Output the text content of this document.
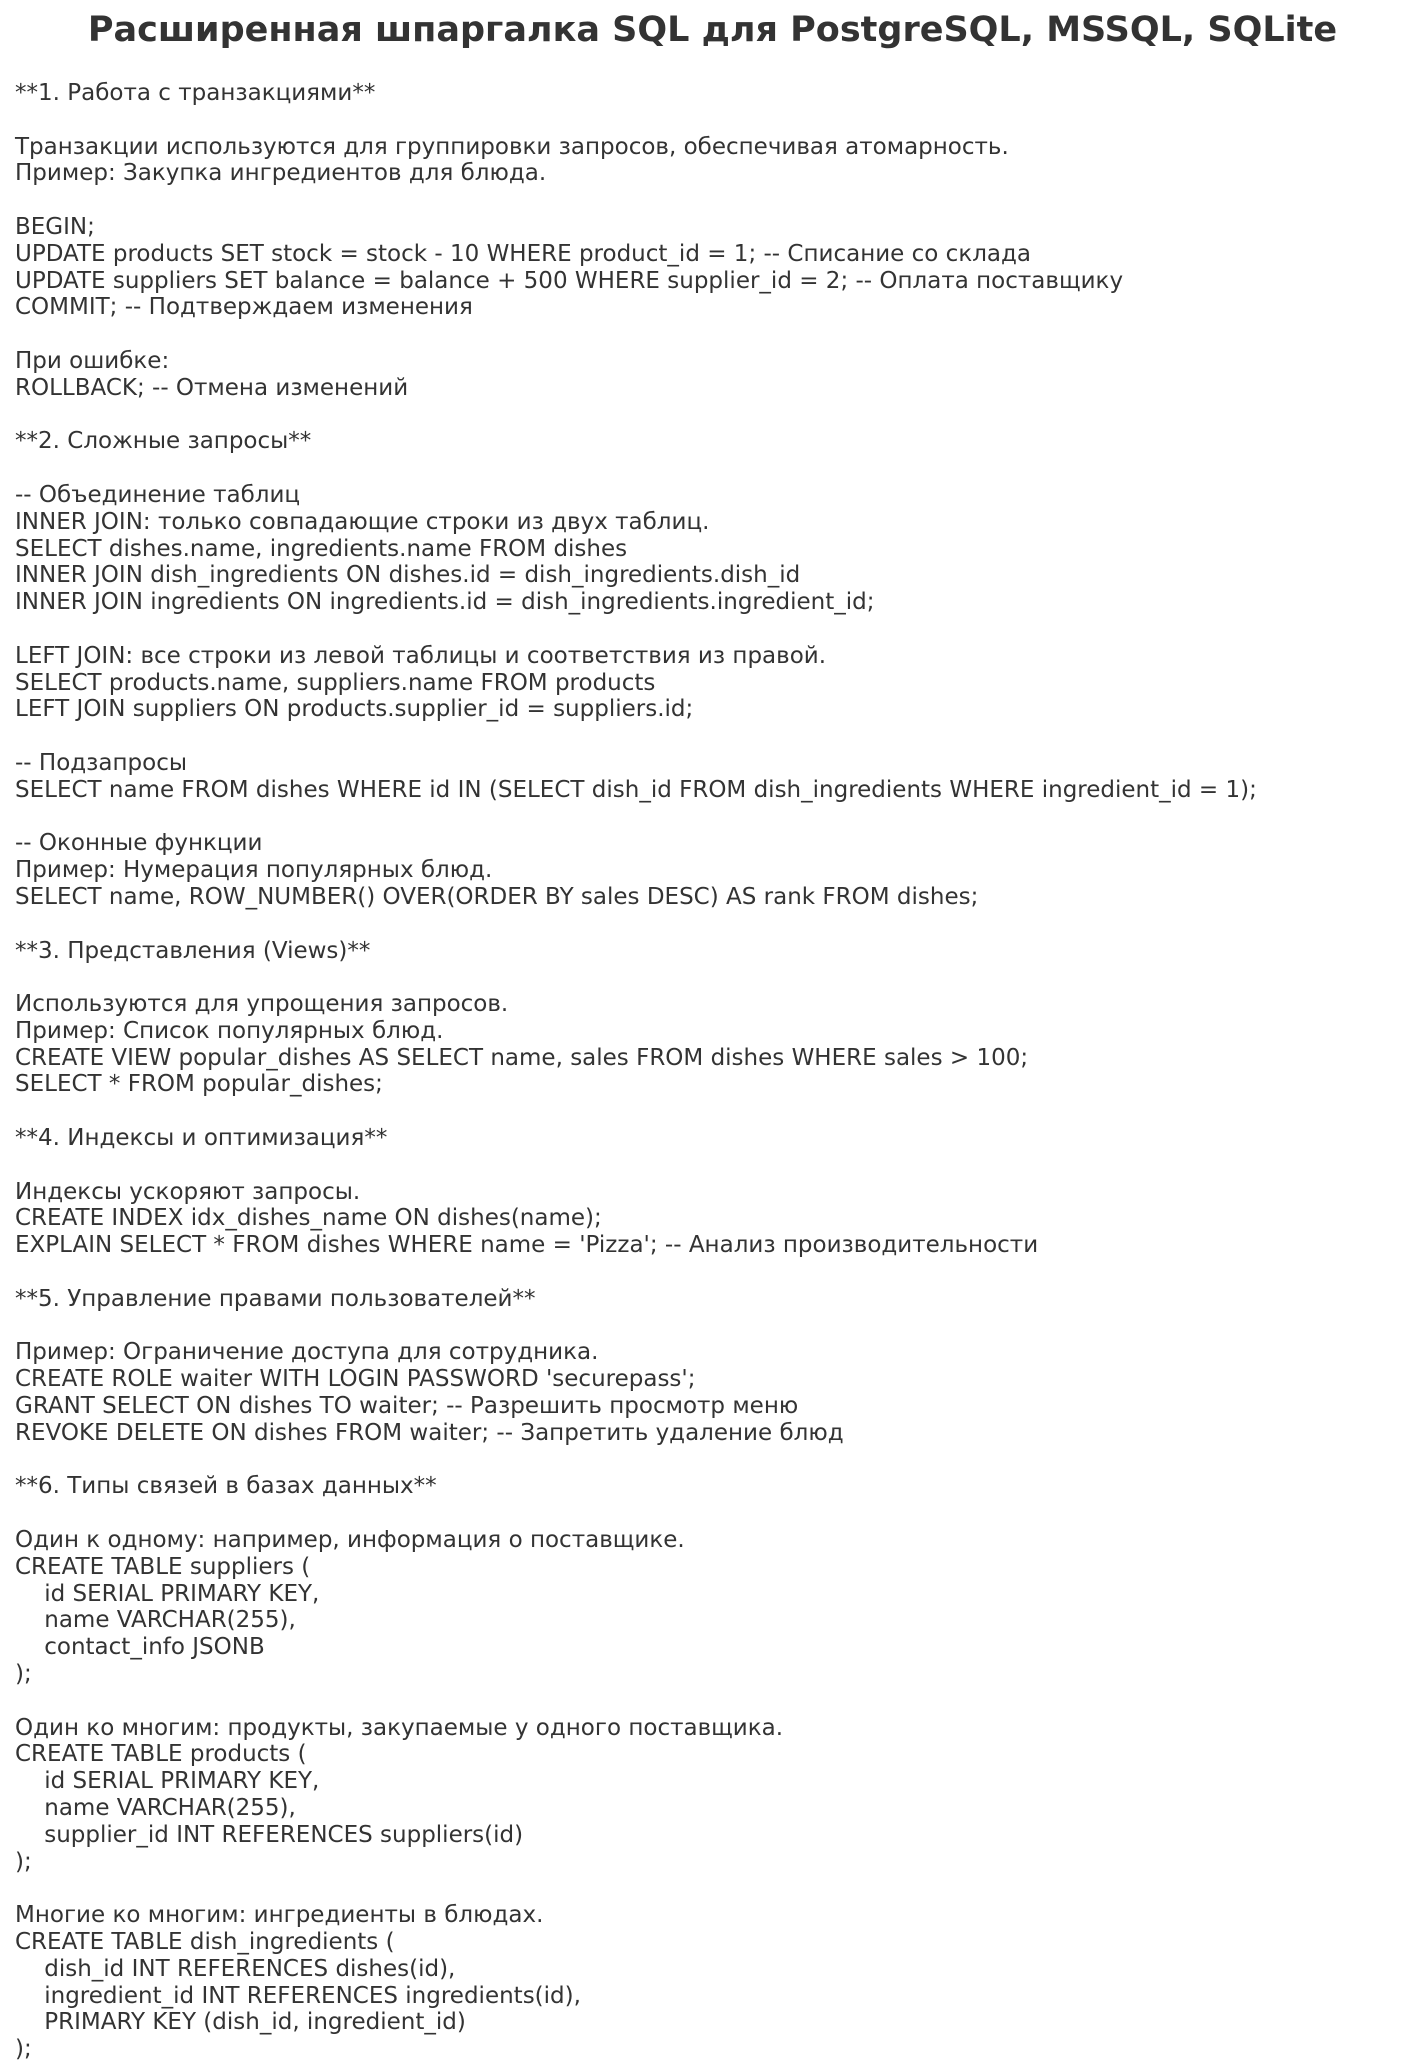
Расширенная шпаргалка SQL для PostgreSQL, MSSQL, SQLite
**1. Работа с транзакциями**
Транзакции используются для группировки запросов, обеспечивая атомарность.
Пример: Закупка ингредиентов для блюда.
BEGIN;
UPDATE products SET stock = stock - 10 WHERE product_id = 1; -- Списание со склада
UPDATE suppliers SET balance = balance + 500 WHERE supplier_id = 2; -- Оплата поставщику
COMMIT; -- Подтверждаем изменения
При ошибке:
ROLLBACK; -- Отмена изменений
**2. Сложные запросы**
-- Объединение таблиц
INNER JOIN: только совпадающие строки из двух таблиц.
SELECT dishes.name, ingredients.name FROM dishes
INNER JOIN dish_ingredients ON dishes.id = dish_ingredients.dish_id
INNER JOIN ingredients ON ingredients.id = dish_ingredients.ingredient_id;
LEFT JOIN: все строки из левой таблицы и соответствия из правой.
SELECT products.name, suppliers.name FROM products
LEFT JOIN suppliers ON products.supplier_id = suppliers.id;
-- Подзапросы
SELECT name FROM dishes WHERE id IN (SELECT dish_id FROM dish_ingredients WHERE ingredient_id = 1);
-- Оконные функции
Пример: Нумерация популярных блюд.
SELECT name, ROW_NUMBER() OVER(ORDER BY sales DESC) AS rank FROM dishes;
**3. Представления (Views)**
Используются для упрощения запросов.
Пример: Список популярных блюд.
CREATE VIEW popular_dishes AS SELECT name, sales FROM dishes WHERE sales > 100;
SELECT * FROM popular_dishes;
**4. Индексы и оптимизация**
Индексы ускоряют запросы.
CREATE INDEX idx_dishes_name ON dishes(name);
EXPLAIN SELECT * FROM dishes WHERE name = 'Pizza'; -- Анализ производительности
**5. Управление правами пользователей**
Пример: Ограничение доступа для сотрудника.
CREATE ROLE waiter WITH LOGIN PASSWORD 'securepass';
GRANT SELECT ON dishes TO waiter; -- Разрешить просмотр меню
REVOKE DELETE ON dishes FROM waiter; -- Запретить удаление блюд
**6. Типы связей в базах данных**
Один к одному: например, информация о поставщике.
CREATE TABLE suppliers (
id SERIAL PRIMARY KEY,
name VARCHAR(255),
contact_info JSONB
);
Один ко многим: продукты, закупаемые у одного поставщика.
CREATE TABLE products (
id SERIAL PRIMARY KEY,
name VARCHAR(255),
supplier_id INT REFERENCES suppliers(id)
);
Многие ко многим: ингредиенты в блюдах.
CREATE TABLE dish_ingredients (
dish_id INT REFERENCES dishes(id),
ingredient_id INT REFERENCES ingredients(id),
PRIMARY KEY (dish_id, ingredient_id)
);
